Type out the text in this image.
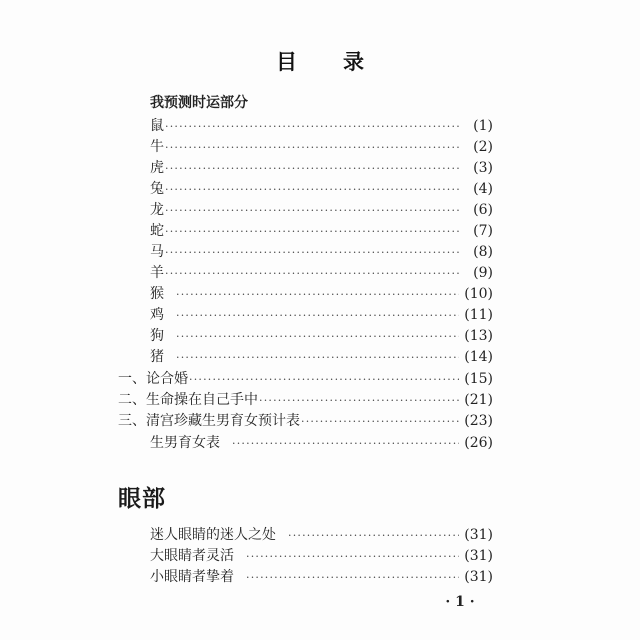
目 录
我预测时运部分
鼠 ·····	(1)
牛 ·····	(2)
虎 ·····	(3)
兔 ·····	(4)
龙 ·····	(6)
蛇 ·····	(7)
马 ·····	(8)
羊 ·····	(9)
猴 ·····	(10)
鸡 ·····	(11)
狗 ·····	(13)
猪 ·····	(14)
一、论合婚 ·····	(15)
二、生命操在自己手中 ·····	(21)
三、清宫珍藏生男育女预计表 ·····	(23)
生男育女表 ·····	(26)
眼部
迷人眼睛的迷人之处 ·····	(31)
大眼睛者灵活 ·····	(31)
小眼睛者挚着 ·····	(31)
· 1 ·
